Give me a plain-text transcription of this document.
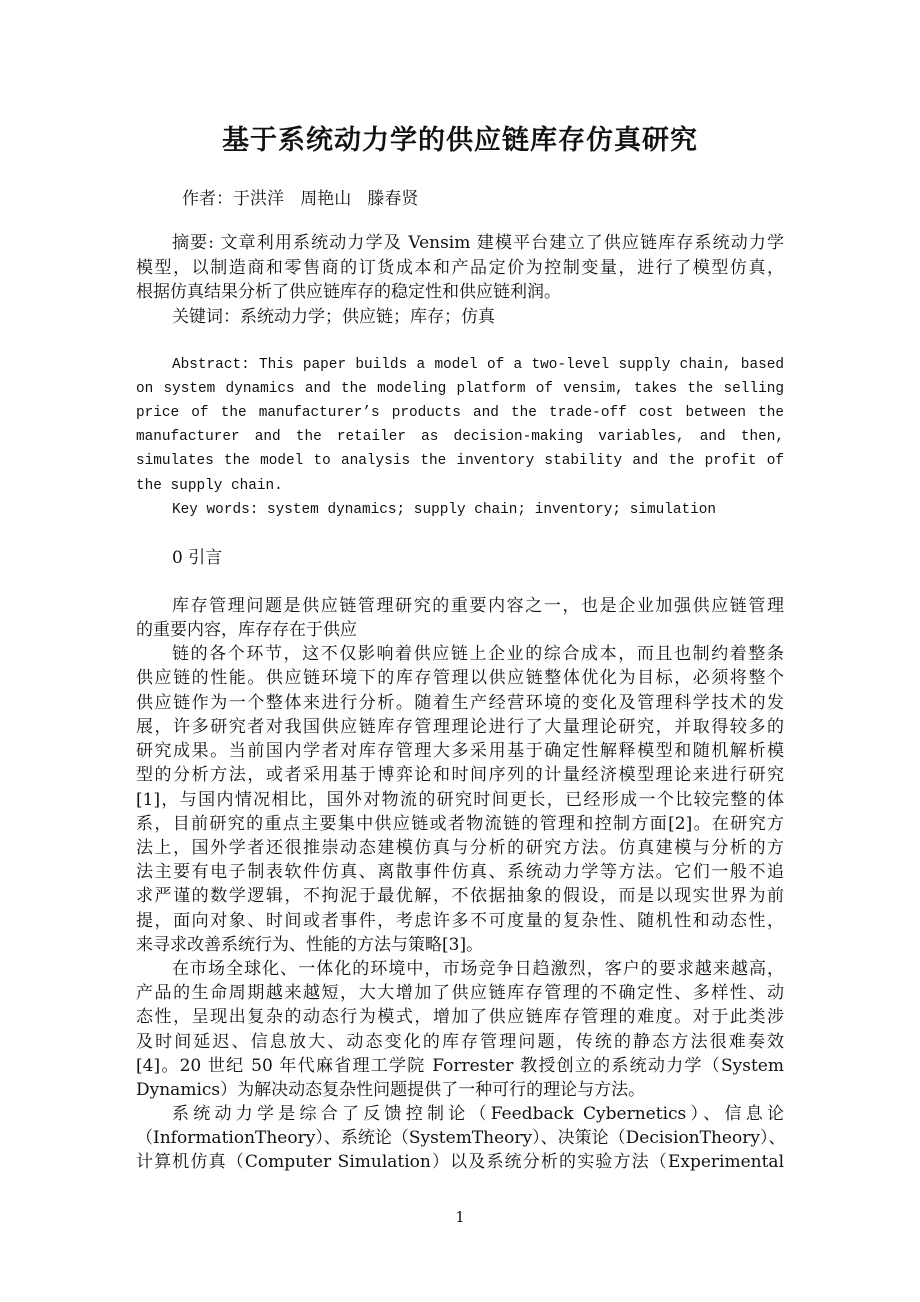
基于系统动力学的供应链库存仿真研究
作者：于洪洋   周艳山   滕春贤
摘要: 文章利用系统动力学及 Vensim 建模平台建立了供应链库存系统动力学
模型，以制造商和零售商的订货成本和产品定价为控制变量，进行了模型仿真，
根据仿真结果分析了供应链库存的稳定性和供应链利润。
关键词：系统动力学；供应链；库存；仿真
Abstract: This paper builds a model of a two-level supply chain, based
on system dynamics and the modeling platform of vensim, takes the selling
price of the manufacturer’s products and the trade-off cost between the
manufacturer and the retailer as decision-making variables, and then,
simulates the model to analysis the inventory stability and the profit of
the supply chain.
Key words: system dynamics; supply chain; inventory; simulation
0 引言
库存管理问题是供应链管理研究的重要内容之一，也是企业加强供应链管理
的重要内容，库存存在于供应
链的各个环节，这不仅影响着供应链上企业的综合成本，而且也制约着整条
供应链的性能。供应链环境下的库存管理以供应链整体优化为目标，必须将整个
供应链作为一个整体来进行分析。随着生产经营环境的变化及管理科学技术的发
展，许多研究者对我国供应链库存管理理论进行了大量理论研究，并取得较多的
研究成果。当前国内学者对库存管理大多采用基于确定性解释模型和随机解析模
型的分析方法，或者采用基于博弈论和时间序列的计量经济模型理论来进行研究
[1]，与国内情况相比，国外对物流的研究时间更长，已经形成一个比较完整的体
系，目前研究的重点主要集中供应链或者物流链的管理和控制方面[2]。在研究方
法上，国外学者还很推崇动态建模仿真与分析的研究方法。仿真建模与分析的方
法主要有电子制表软件仿真、离散事件仿真、系统动力学等方法。它们一般不追
求严谨的数学逻辑，不拘泥于最优解，不依据抽象的假设，而是以现实世界为前
提，面向对象、时间或者事件，考虑许多不可度量的复杂性、随机性和动态性，
来寻求改善系统行为、性能的方法与策略[3]。
在市场全球化、一体化的环境中，市场竞争日趋激烈，客户的要求越来越高，
产品的生命周期越来越短，大大增加了供应链库存管理的不确定性、多样性、动
态性，呈现出复杂的动态行为模式，增加了供应链库存管理的难度。对于此类涉
及时间延迟、信息放大、动态变化的库存管理问题，传统的静态方法很难奏效
[4]。20 世纪 50 年代麻省理工学院 Forrester 教授创立的系统动力学（System
Dynamics）为解决动态复杂性问题提供了一种可行的理论与方法。
系统动力学是综合了反馈控制论（Feedback Cybernetics）、信息论
（InformationTheory）、系统论（SystemTheory）、决策论（DecisionTheory）、
计算机仿真（Computer Simulation）以及系统分析的实验方法（Experimental
1
